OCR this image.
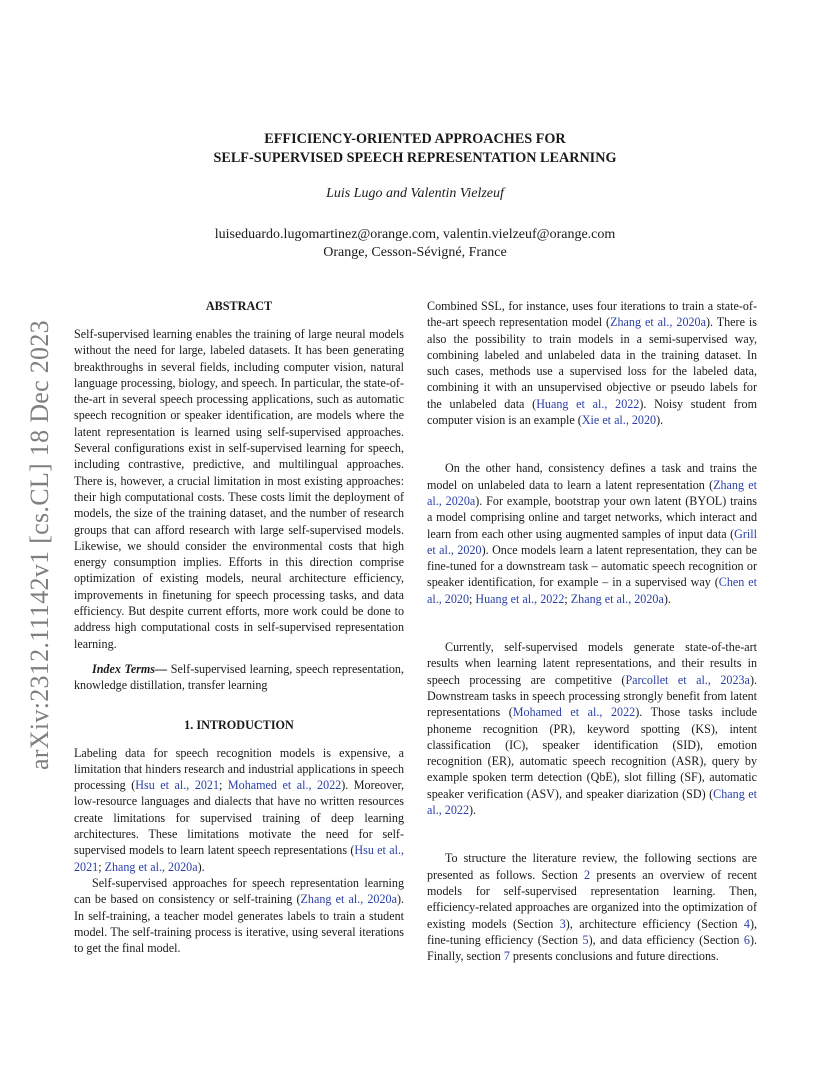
arXiv:2312.11142v1 [cs.CL] 18 Dec 2023
EFFICIENCY-ORIENTED APPROACHES FOR
SELF-SUPERVISED SPEECH REPRESENTATION LEARNING
Luis Lugo and Valentin Vielzeuf
luiseduardo.lugomartinez@orange.com, valentin.vielzeuf@orange.com
Orange, Cesson-Sévigné, France

ABSTRACT

Self-supervised learning enables the training of large neural models without the need for large, labeled datasets. It has been generating breakthroughs in several fields, including computer vision, natural language processing, biology, and speech. In particular, the state-of-the-art in several speech processing applications, such as automatic speech recognition or speaker identification, are models where the latent representation is learned using self-supervised approaches. Several configurations exist in self-supervised learning for speech, including contrastive, predictive, and multilingual approaches. There is, however, a crucial limitation in most existing approaches: their high computational costs. These costs limit the deployment of models, the size of the training dataset, and the number of research groups that can afford research with large self-supervised models. Likewise, we should consider the environmental costs that high energy consumption implies. Efforts in this direction comprise optimization of existing models, neural architecture efficiency, improvements in finetuning for speech processing tasks, and data efficiency. But despite current efforts, more work could be done to address high computational costs in self-supervised representation learning.

Index Terms— Self-supervised learning, speech representation, knowledge distillation, transfer learning

1. INTRODUCTION

Labeling data for speech recognition models is expensive, a limitation that hinders research and industrial applications in speech processing (Hsu et al., 2021; Mohamed et al., 2022). Moreover, low-resource languages and dialects that have no written resources create limitations for supervised training of deep learning architectures. These limitations motivate the need for self-supervised models to learn latent speech representations (Hsu et al., 2021; Zhang et al., 2020a).

Self-supervised approaches for speech representation learning can be based on consistency or self-training (Zhang et al., 2020a). In self-training, a teacher model generates labels to train a student model. The self-training process is iterative, using several iterations to get the final model.

Combined SSL, for instance, uses four iterations to train a state-of-the-art speech representation model (Zhang et al., 2020a). There is also the possibility to train models in a semi-supervised way, combining labeled and unlabeled data in the training dataset. In such cases, methods use a supervised loss for the labeled data, combining it with an unsupervised objective or pseudo labels for the unlabeled data (Huang et al., 2022). Noisy student from computer vision is an example (Xie et al., 2020).

On the other hand, consistency defines a task and trains the model on unlabeled data to learn a latent representation (Zhang et al., 2020a). For example, bootstrap your own latent (BYOL) trains a model comprising online and target networks, which interact and learn from each other using augmented samples of input data (Grill et al., 2020). Once models learn a latent representation, they can be fine-tuned for a downstream task – automatic speech recognition or speaker identification, for example – in a supervised way (Chen et al., 2020; Huang et al., 2022; Zhang et al., 2020a).

Currently, self-supervised models generate state-of-the-art results when learning latent representations, and their results in speech processing are competitive (Parcollet et al., 2023a). Downstream tasks in speech processing strongly benefit from latent representations (Mohamed et al., 2022). Those tasks include phoneme recognition (PR), keyword spotting (KS), intent classification (IC), speaker identification (SID), emotion recognition (ER), automatic speech recognition (ASR), query by example spoken term detection (QbE), slot filling (SF), automatic speaker verification (ASV), and speaker diarization (SD) (Chang et al., 2022).

To structure the literature review, the following sections are presented as follows. Section 2 presents an overview of recent models for self-supervised representation learning. Then, efficiency-related approaches are organized into the optimization of existing models (Section 3), architecture efficiency (Section 4), fine-tuning efficiency (Section 5), and data efficiency (Section 6). Finally, section 7 presents conclusions and future directions.
